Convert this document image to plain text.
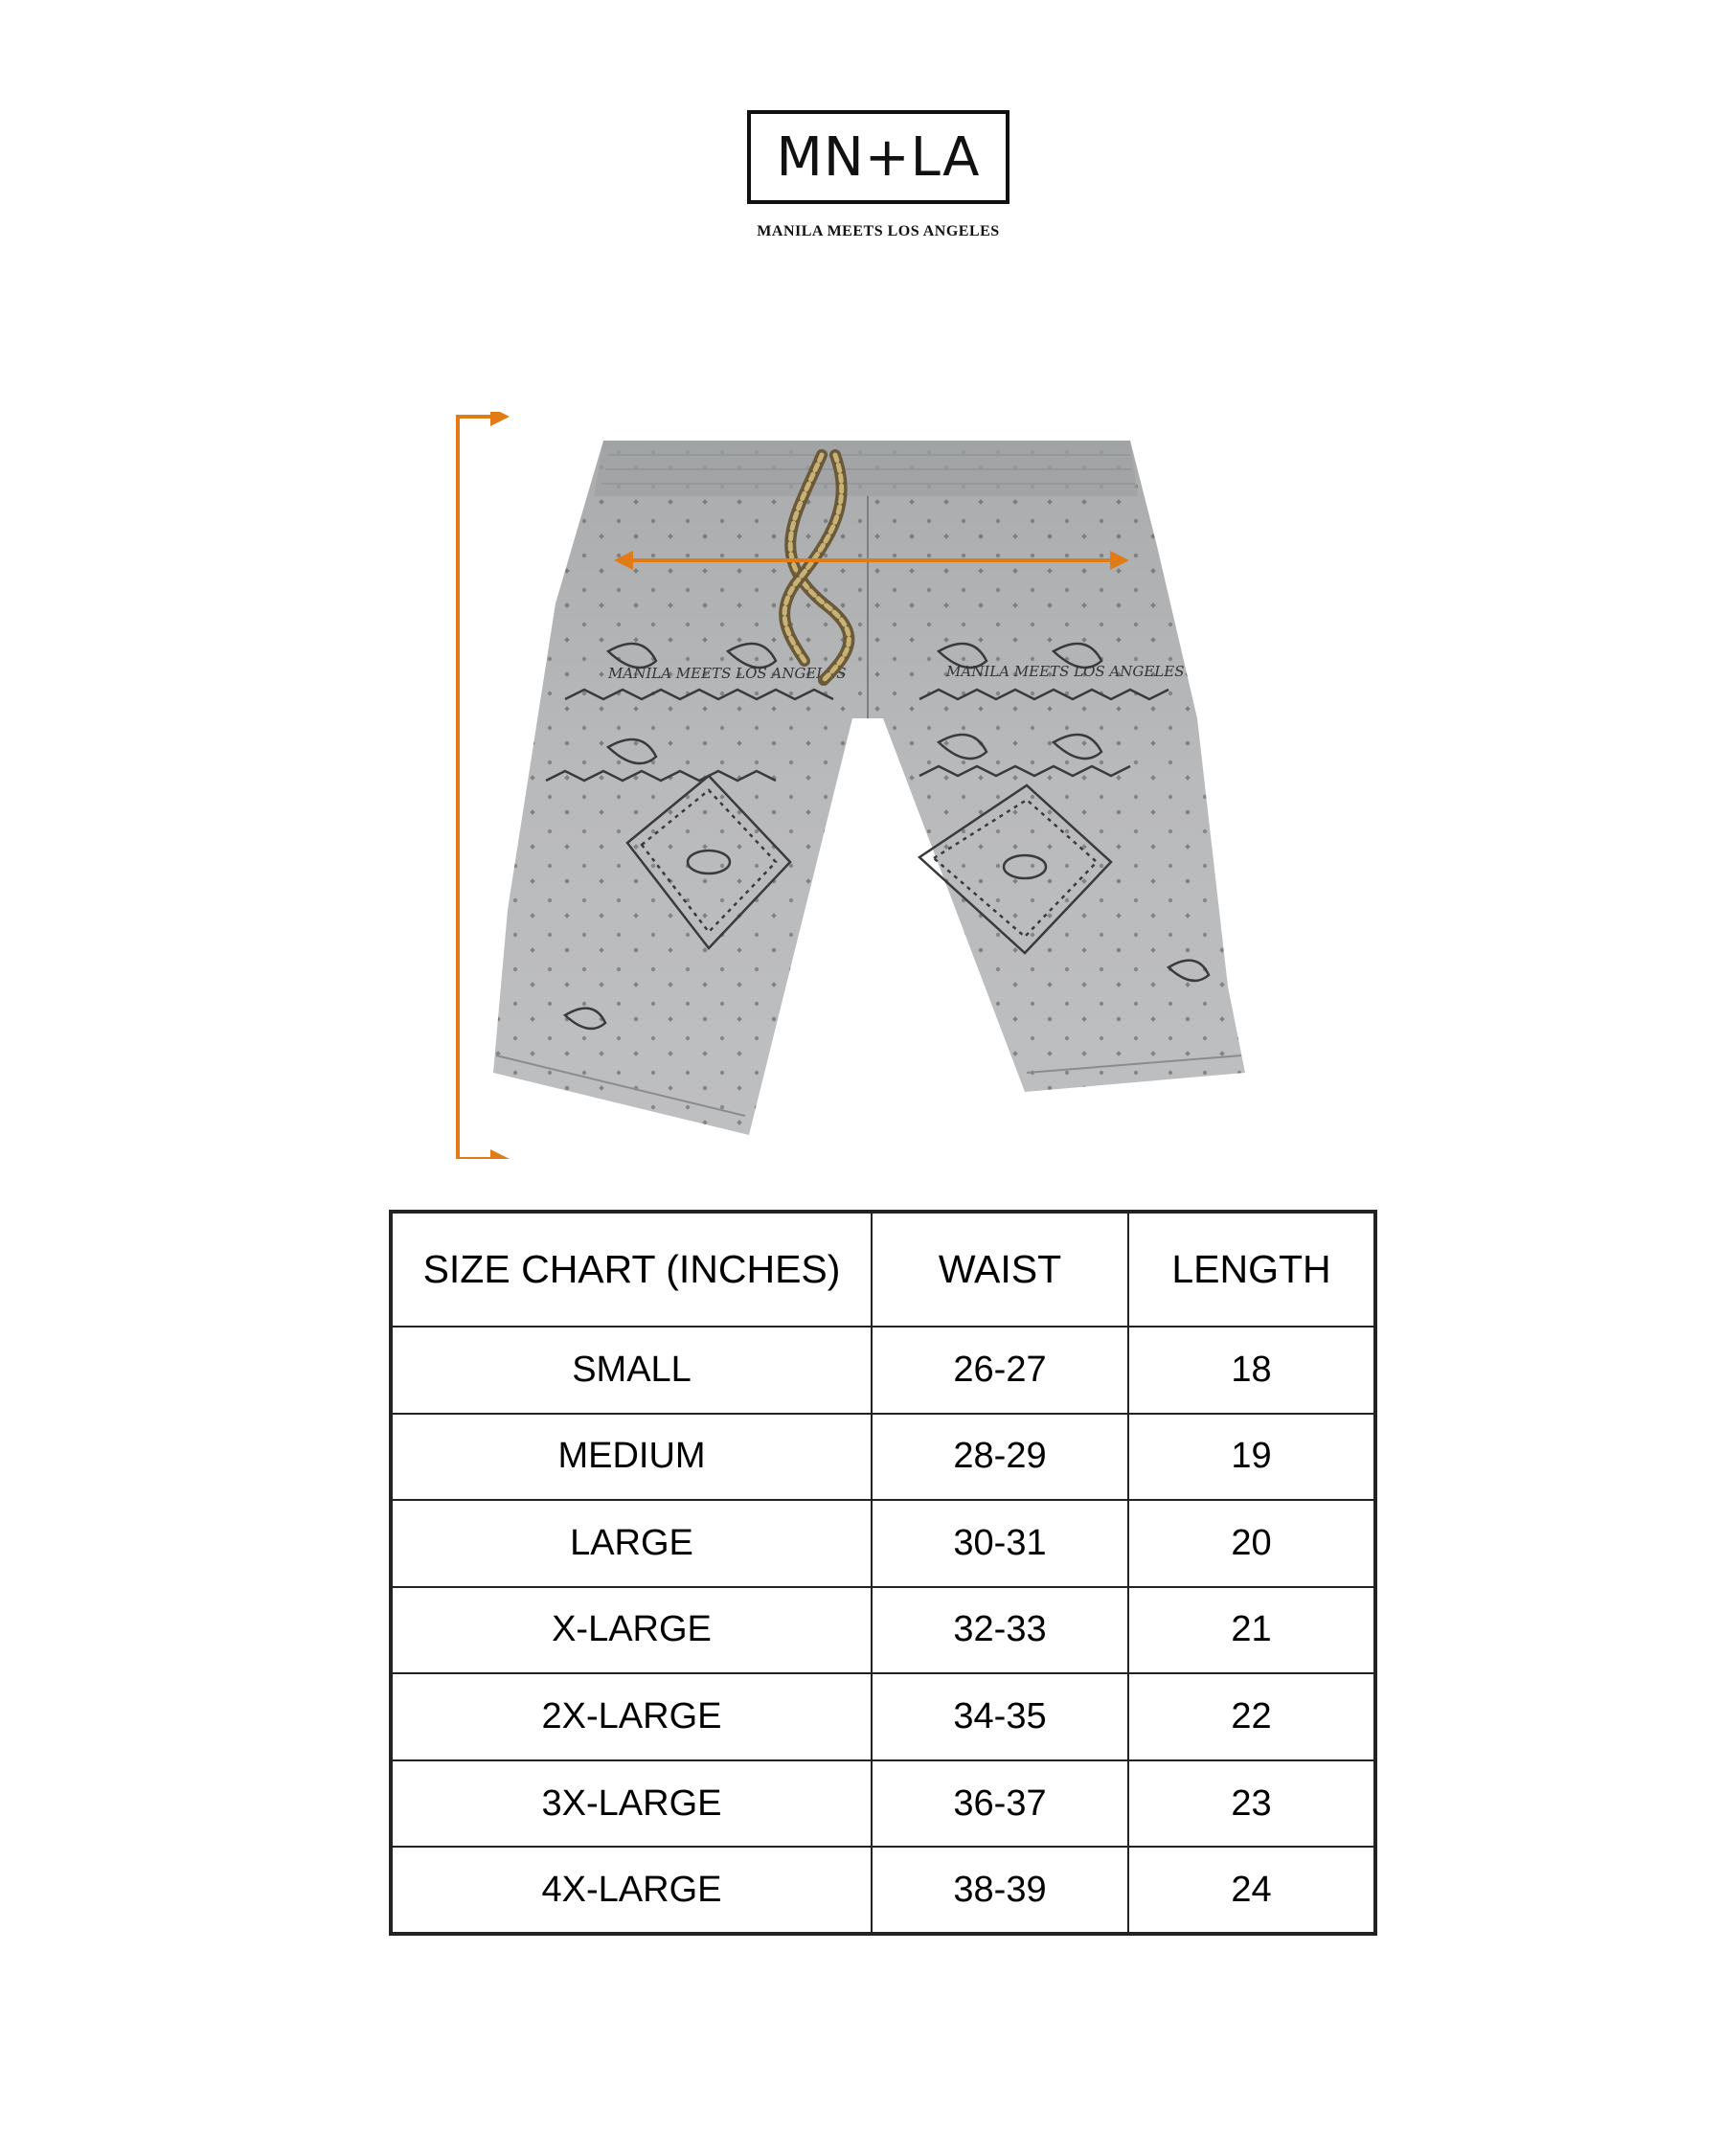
MN+LA
MANILA MEETS LOS ANGELES
MANILA MEETS LOS ANGELES	MANILA MEETS LOS ANGELES
SIZE CHART (INCHES)	WAIST	LENGTH
SMALL	26-27	18
MEDIUM	28-29	19
LARGE	30-31	20
X-LARGE	32-33	21
2X-LARGE	34-35	22
3X-LARGE	36-37	23
4X-LARGE	38-39	24
